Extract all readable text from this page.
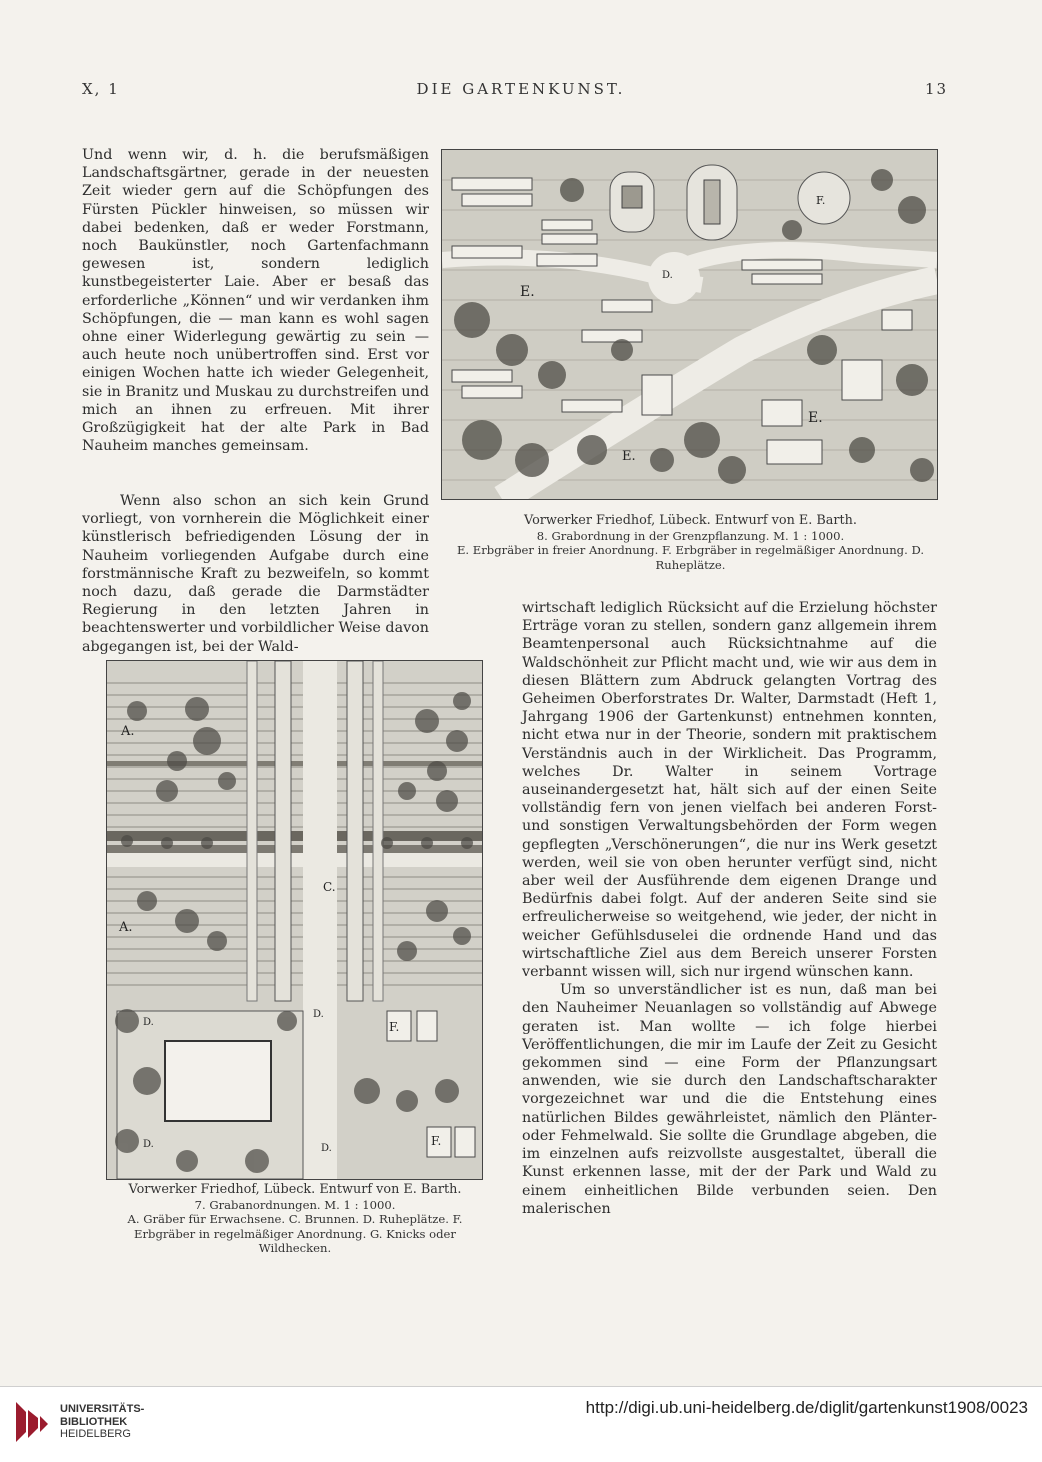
X, 1	DIE GARTENKUNST.	13

Und wenn wir, d. h. die berufsmäßigen Landschaftsgärtner, gerade in der neuesten Zeit wieder gern auf die Schöpfungen des Fürsten Pückler hinweisen, so müssen wir dabei bedenken, daß er weder Forstmann, noch Baukünstler, noch Gartenfachmann gewesen ist, sondern lediglich kunstbegeisterter Laie. Aber er besaß das erforderliche „Können“ und wir verdanken ihm Schöpfungen, die — man kann es wohl sagen ohne einer Widerlegung gewärtig zu sein — auch heute noch unübertroffen sind. Erst vor einigen Wochen hatte ich wieder Gelegenheit, sie in Branitz und Muskau zu durchstreifen und mich an ihnen zu erfreuen. Mit ihrer Großzügigkeit hat der alte Park in Bad Nauheim manches gemeinsam.

Wenn also schon an sich kein Grund vorliegt, von vornherein die Möglichkeit einer künstlerisch befriedigenden Lösung der in Nauheim vorliegenden Aufgabe durch eine forstmännische Kraft zu bezweifeln, so kommt noch dazu, daß gerade die Darmstädter Regierung in den letzten Jahren in beachtenswerter und vorbildlicher Weise davon abgegangen ist, bei der Wald-

E.
E.
E.
F.
D.
Vorwerker Friedhof, Lübeck. Entwurf von E. Barth.
8. Grabordnung in der Grenzpflanzung. M. 1 : 1000.
E. Erbgräber in freier Anordnung. F. Erbgräber in regelmäßiger Anordnung. D. Ruheplätze.
A.
A.
C.
F.
F.
D.
D.
D.
D.
Vorwerker Friedhof, Lübeck. Entwurf von E. Barth.
7. Grabanordnungen. M. 1 : 1000.
A. Gräber für Erwachsene. C. Brunnen. D. Ruheplätze. F. Erbgräber in regelmäßiger Anordnung. G. Knicks oder Wildhecken.

wirtschaft lediglich Rücksicht auf die Erzielung höchster Erträge voran zu stellen, sondern ganz allgemein ihrem Beamtenpersonal auch Rücksichtnahme auf die Waldschönheit zur Pflicht macht und, wie wir aus dem in diesen Blättern zum Abdruck gelangten Vortrag des Geheimen Oberforstrates Dr. Walter, Darmstadt (Heft 1, Jahrgang 1906 der Gartenkunst) entnehmen konnten, nicht etwa nur in der Theorie, sondern mit praktischem Verständnis auch in der Wirklicheit. Das Programm, welches Dr. Walter in seinem Vortrage auseinandergesetzt hat, hält sich auf der einen Seite vollständig fern von jenen vielfach bei anderen Forst- und sonstigen Verwaltungsbehörden der Form wegen gepflegten „Verschönerungen“, die nur ins Werk gesetzt werden, weil sie von oben herunter verfügt sind, nicht aber weil der Ausführende dem eigenen Drange und Bedürfnis dabei folgt. Auf der anderen Seite sind sie erfreulicherweise so weitgehend, wie jeder, der nicht in weicher Gefühlsduselei die ordnende Hand und das wirtschaftliche Ziel aus dem Bereich unserer Forsten verbannt wissen will, sich nur irgend wünschen kann.

Um so unverständlicher ist es nun, daß man bei den Nauheimer Neuanlagen so vollständig auf Abwege geraten ist. Man wollte — ich folge hierbei Veröffentlichungen, die mir im Laufe der Zeit zu Gesicht gekommen sind — eine Form der Pflanzungsart anwenden, wie sie durch den Landschaftscharakter vorgezeichnet war und die die Entstehung eines natürlichen Bildes gewährleistet, nämlich den Plänter- oder Fehmelwald. Sie sollte die Grundlage abgeben, die im einzelnen aufs reizvollste ausgestaltet, überall die Kunst erkennen lasse, mit der der Park und Wald zu einem einheitlichen Bilde verbunden seien. Den malerischen

UNIVERSITÄTS-
BIBLIOTHEK
HEIDELBERG
http://digi.ub.uni-heidelberg.de/diglit/gartenkunst1908/0023
